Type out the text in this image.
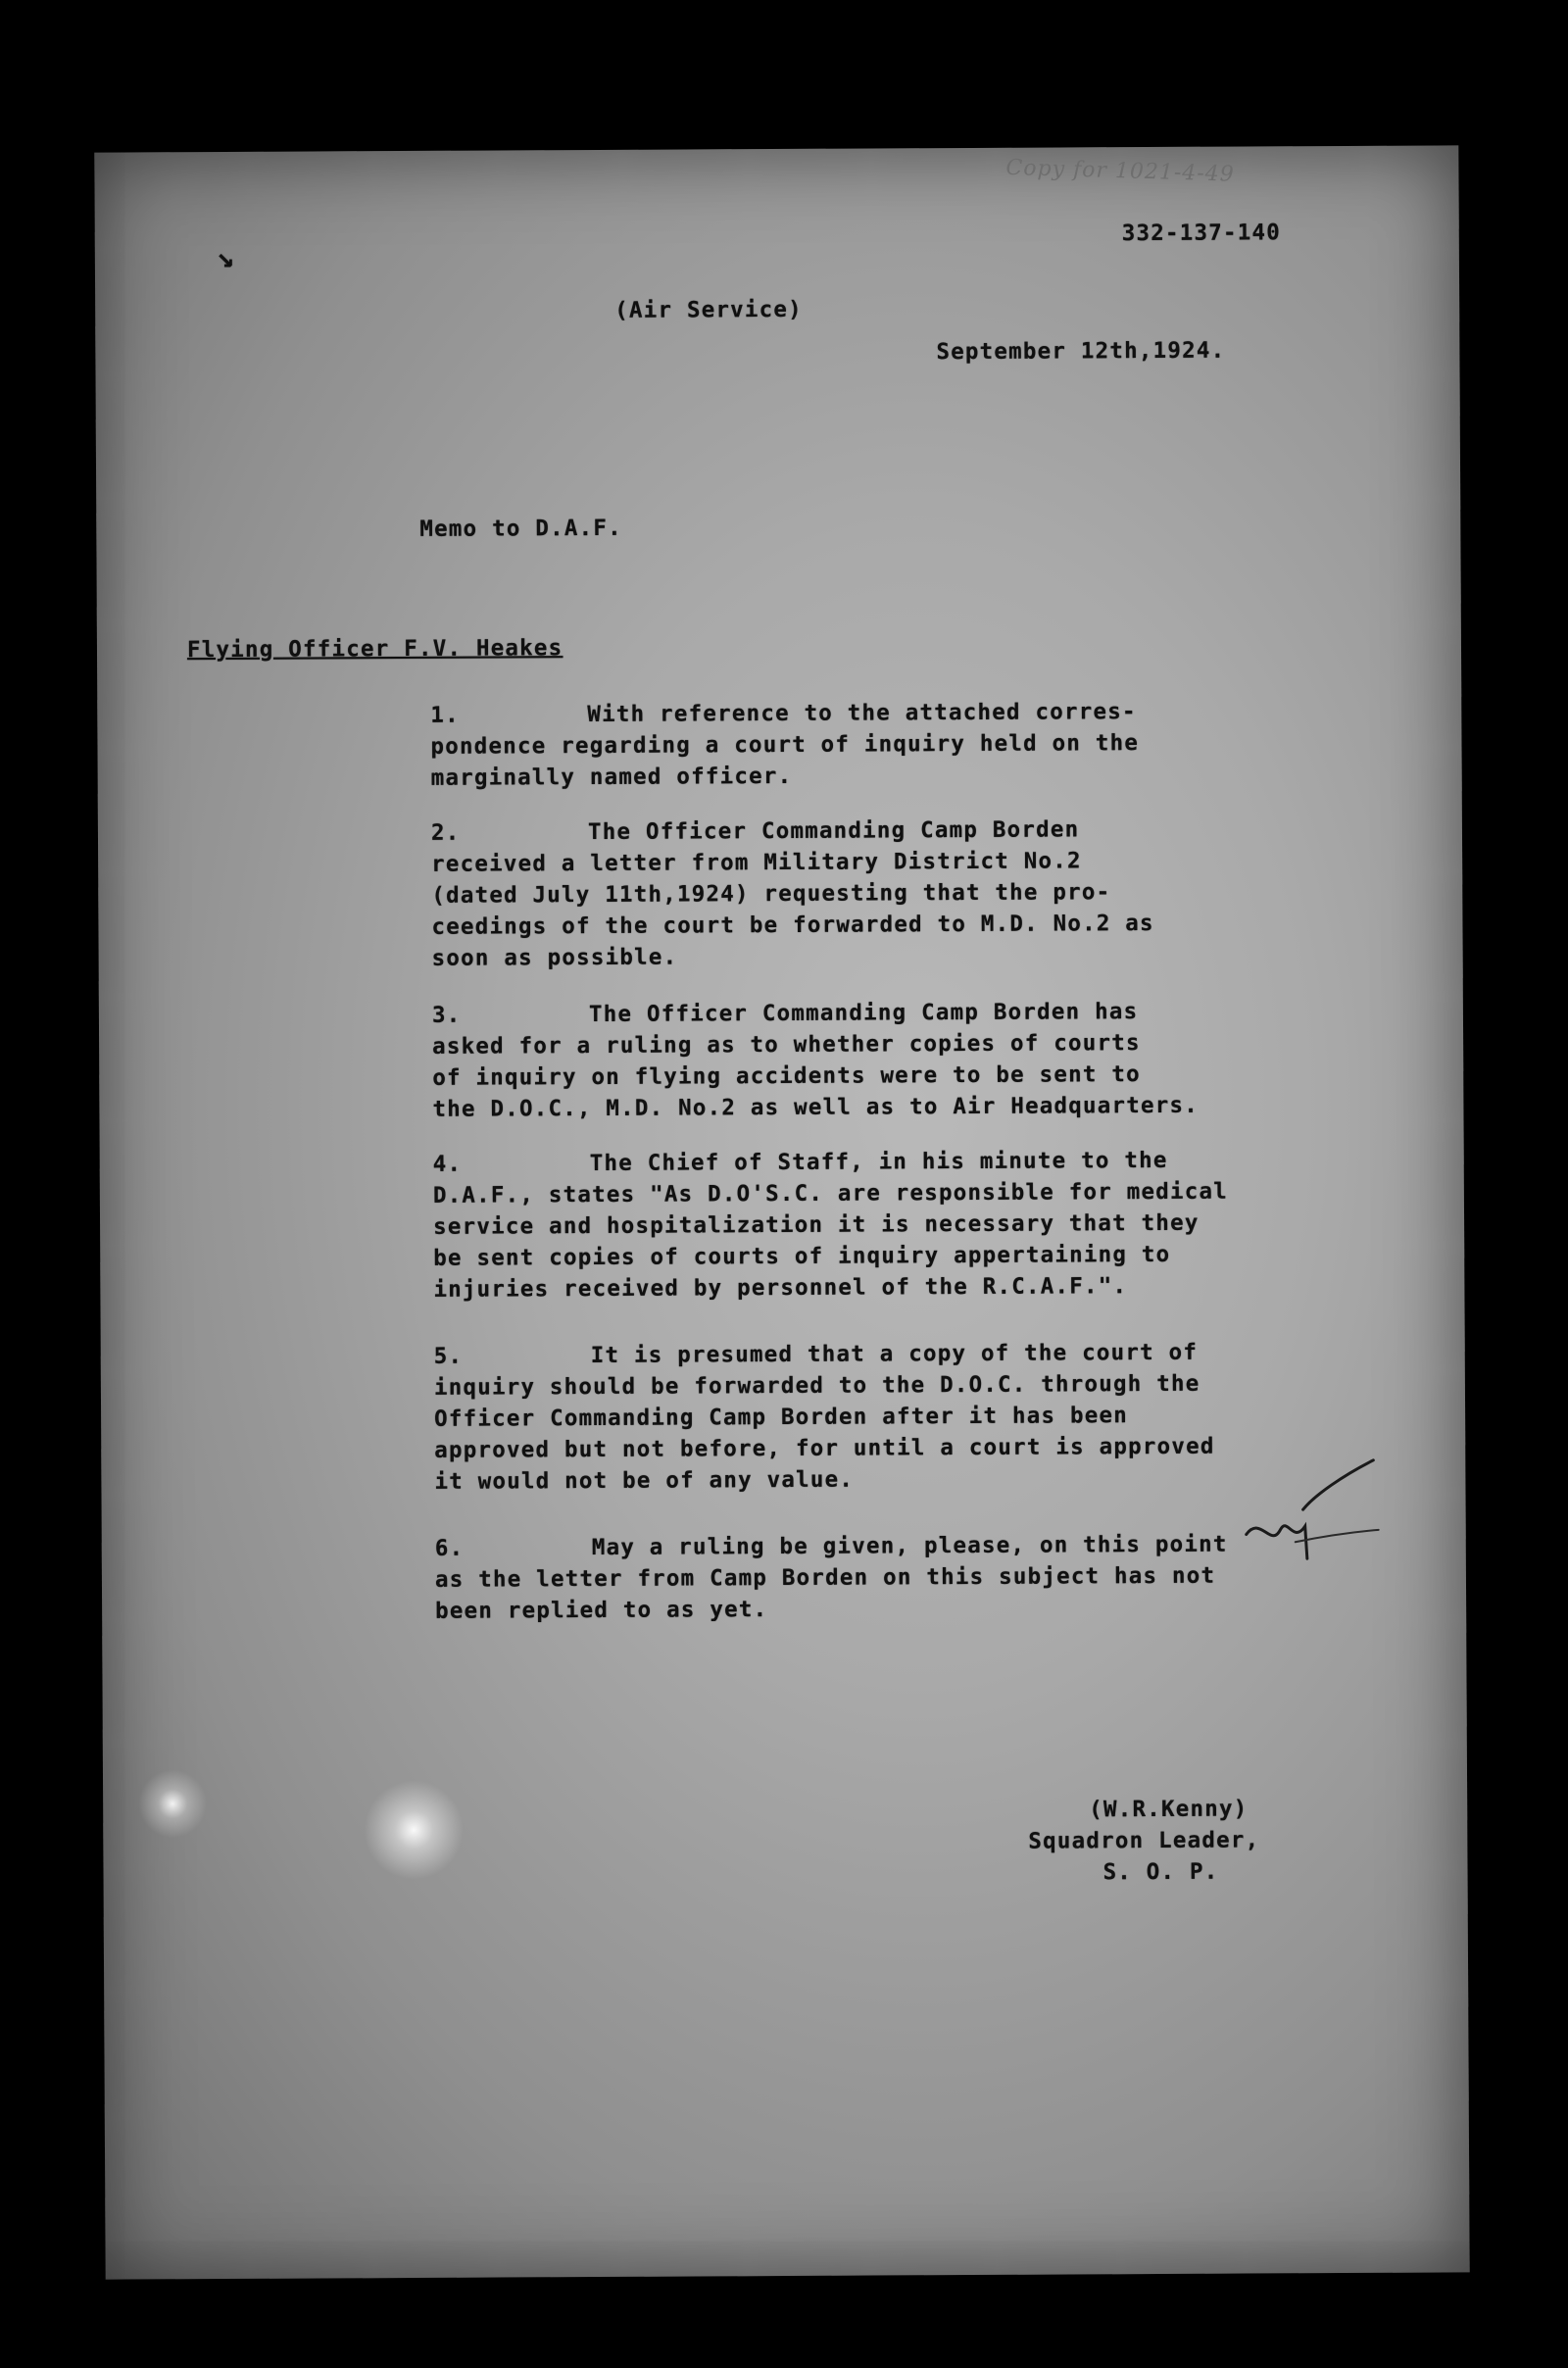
Copy for 1021-4-49
↘
332-137-140
(Air Service)
September 12th,1924.
Memo to D.A.F.
Flying Officer F.V. Heakes
1.	With reference to the attached corres-
pondence regarding a court of inquiry held on the
marginally named officer.
2.	The Officer Commanding Camp Borden
received a letter from Military District No.2
(dated July 11th,1924) requesting that the pro-
ceedings of the court be forwarded to M.D. No.2 as
soon as possible.
3.	The Officer Commanding Camp Borden has
asked for a ruling as to whether copies of courts
of inquiry on flying accidents were to be sent to
the D.O.C., M.D. No.2 as well as to Air Headquarters.
4.	The Chief of Staff, in his minute to the
D.A.F., states "As D.O'S.C. are responsible for medical
service and hospitalization it is necessary that they
be sent copies of courts of inquiry appertaining to
injuries received by personnel of the R.C.A.F.".
5.	It is presumed that a copy of the court of
inquiry should be forwarded to the D.O.C. through the
Officer Commanding Camp Borden after it has been
approved but not before, for until a court is approved
it would not be of any value.
6.	May a ruling be given, please, on this point
as the letter from Camp Borden on this subject has not
been replied to as yet.
(W.R.Kenny)
Squadron Leader,
S. O. P.
